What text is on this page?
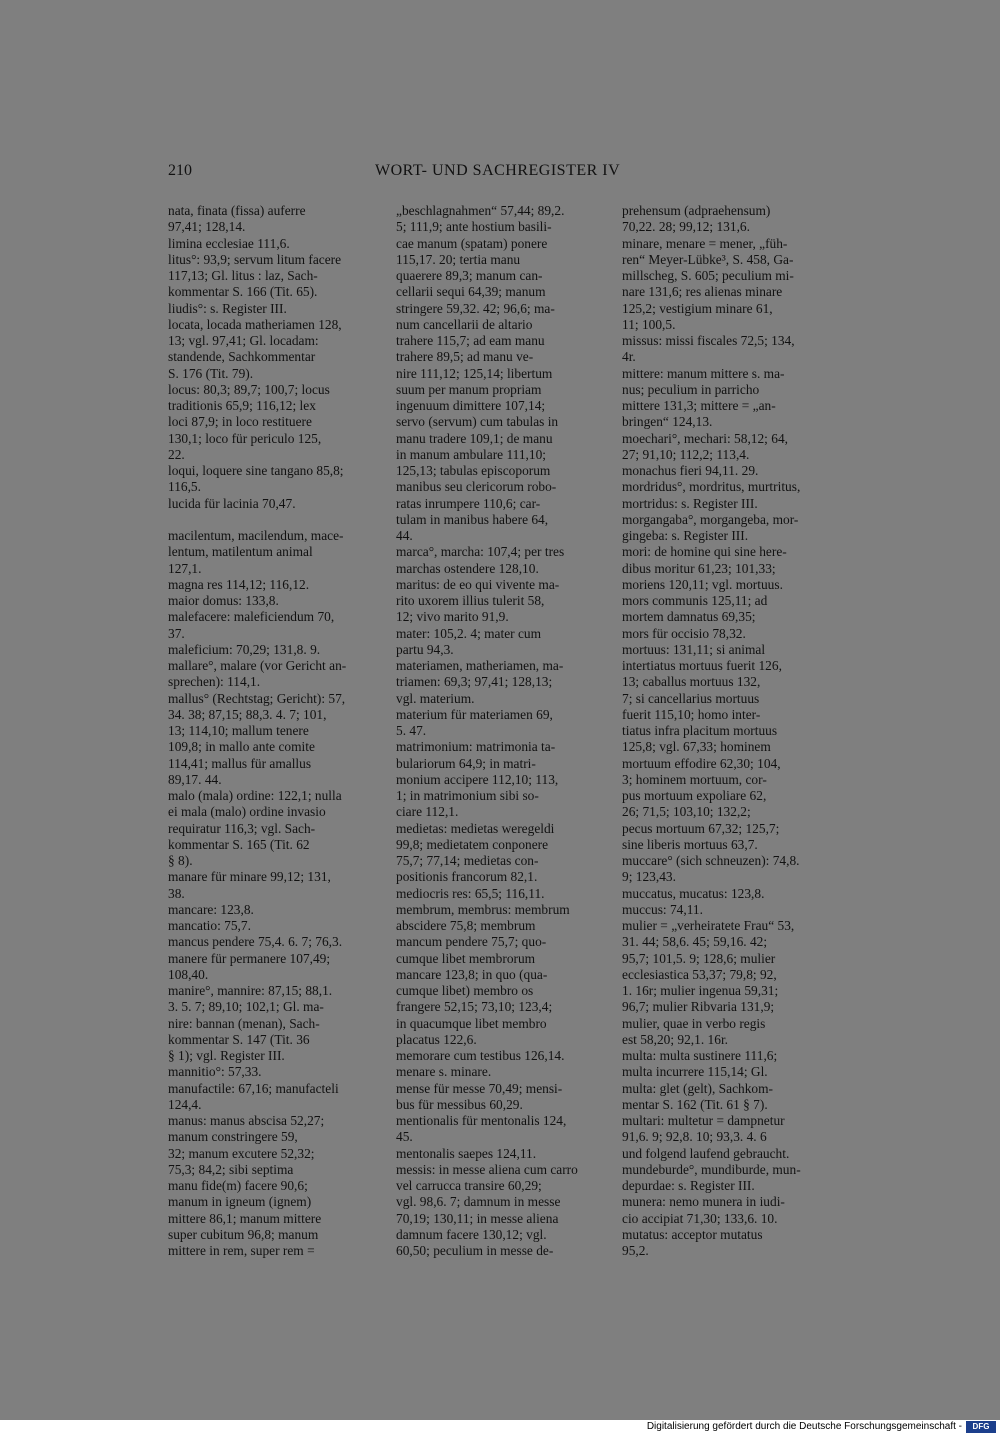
210	WORT- UND SACHREGISTER IV
nata, finata (fissa) auferre
97,41; 128,14.
limina ecclesiae 111,6.
litus°: 93,9; servum litum facere
117,13; Gl. litus : laz, Sach-
kommentar S. 166 (Tit. 65).
liudis°: s. Register III.
locata, locada matheriamen 128,
13; vgl. 97,41; Gl. locadam:
standende, Sachkommentar
S. 176 (Tit. 79).
locus: 80,3; 89,7; 100,7; locus
traditionis 65,9; 116,12; lex
loci 87,9; in loco restituere
130,1; loco für periculo 125,
22.
loqui, loquere sine tangano 85,8;
116,5.
lucida für lacinia 70,47.
macilentum, macilendum, mace-
lentum, matilentum animal
127,1.
magna res 114,12; 116,12.
maior domus: 133,8.
malefacere: maleficiendum 70,
37.
maleficium: 70,29; 131,8. 9.
mallare°, malare (vor Gericht an-
sprechen): 114,1.
mallus° (Rechtstag; Gericht): 57,
34. 38; 87,15; 88,3. 4. 7; 101,
13; 114,10; mallum tenere
109,8; in mallo ante comite
114,41; mallus für amallus
89,17. 44.
malo (mala) ordine: 122,1; nulla
ei mala (malo) ordine invasio
requiratur 116,3; vgl. Sach-
kommentar S. 165 (Tit. 62
§ 8).
manare für minare 99,12; 131,
38.
mancare: 123,8.
mancatio: 75,7.
mancus pendere 75,4. 6. 7; 76,3.
manere für permanere 107,49;
108,40.
manire°, mannire: 87,15; 88,1.
3. 5. 7; 89,10; 102,1; Gl. ma-
nire: bannan (menan), Sach-
kommentar S. 147 (Tit. 36
§ 1); vgl. Register III.
mannitio°: 57,33.
manufactile: 67,16; manufacteli
124,4.
manus: manus abscisa 52,27;
manum constringere 59,
32; manum excutere 52,32;
75,3; 84,2; sibi septima
manu fide(m) facere 90,6;
manum in igneum (ignem)
mittere 86,1; manum mittere
super cubitum 96,8; manum
mittere in rem, super rem =
„beschlagnahmen“ 57,44; 89,2.
5; 111,9; ante hostium basili-
cae manum (spatam) ponere
115,17. 20; tertia manu
quaerere 89,3; manum can-
cellarii sequi 64,39; manum
stringere 59,32. 42; 96,6; ma-
num cancellarii de altario
trahere 115,7; ad eam manu
trahere 89,5; ad manu ve-
nire 111,12; 125,14; libertum
suum per manum propriam
ingenuum dimittere 107,14;
servo (servum) cum tabulas in
manu tradere 109,1; de manu
in manum ambulare 111,10;
125,13; tabulas episcoporum
manibus seu clericorum robo-
ratas inrumpere 110,6; car-
tulam in manibus habere 64,
44.
marca°, marcha: 107,4; per tres
marchas ostendere 128,10.
maritus: de eo qui vivente ma-
rito uxorem illius tulerit 58,
12; vivo marito 91,9.
mater: 105,2. 4; mater cum
partu 94,3.
materiamen, matheriamen, ma-
triamen: 69,3; 97,41; 128,13;
vgl. materium.
materium für materiamen 69,
5. 47.
matrimonium: matrimonia ta-
bulariorum 64,9; in matri-
monium accipere 112,10; 113,
1; in matrimonium sibi so-
ciare 112,1.
medietas: medietas weregeldi
99,8; medietatem conponere
75,7; 77,14; medietas con-
positionis francorum 82,1.
mediocris res: 65,5; 116,11.
membrum, membrus: membrum
abscidere 75,8; membrum
mancum pendere 75,7; quo-
cumque libet membrorum
mancare 123,8; in quo (qua-
cumque libet) membro os
frangere 52,15; 73,10; 123,4;
in quacumque libet membro
placatus 122,6.
memorare cum testibus 126,14.
menare s. minare.
mense für messe 70,49; mensi-
bus für messibus 60,29.
mentionalis für mentonalis 124,
45.
mentonalis saepes 124,11.
messis: in messe aliena cum carro
vel carrucca transire 60,29;
vgl. 98,6. 7; damnum in messe
70,19; 130,11; in messe aliena
damnum facere 130,12; vgl.
60,50; peculium in messe de-
prehensum (adpraehensum)
70,22. 28; 99,12; 131,6.
minare, menare = mener, „füh-
ren“ Meyer-Lübke³, S. 458, Ga-
millscheg, S. 605; peculium mi-
nare 131,6; res alienas minare
125,2; vestigium minare 61,
11; 100,5.
missus: missi fiscales 72,5; 134,
4r.
mittere: manum mittere s. ma-
nus; peculium in parricho
mittere 131,3; mittere = „an-
bringen“ 124,13.
moechari°, mechari: 58,12; 64,
27; 91,10; 112,2; 113,4.
monachus fieri 94,11. 29.
mordridus°, mordritus, murtritus,
mortridus: s. Register III.
morgangaba°, morgangeba, mor-
gingeba: s. Register III.
mori: de homine qui sine here-
dibus moritur 61,23; 101,33;
moriens 120,11; vgl. mortuus.
mors communis 125,11; ad
mortem damnatus 69,35;
mors für occisio 78,32.
mortuus: 131,11; si animal
intertiatus mortuus fuerit 126,
13; caballus mortuus 132,
7; si cancellarius mortuus
fuerit 115,10; homo inter-
tiatus infra placitum mortuus
125,8; vgl. 67,33; hominem
mortuum effodire 62,30; 104,
3; hominem mortuum, cor-
pus mortuum expoliare 62,
26; 71,5; 103,10; 132,2;
pecus mortuum 67,32; 125,7;
sine liberis mortuus 63,7.
muccare° (sich schneuzen): 74,8.
9; 123,43.
muccatus, mucatus: 123,8.
muccus: 74,11.
mulier = „verheiratete Frau“ 53,
31. 44; 58,6. 45; 59,16. 42;
95,7; 101,5. 9; 128,6; mulier
ecclesiastica 53,37; 79,8; 92,
1. 16r; mulier ingenua 59,31;
96,7; mulier Ribvaria 131,9;
mulier, quae in verbo regis
est 58,20; 92,1. 16r.
multa: multa sustinere 111,6;
multa incurrere 115,14; Gl.
multa: glet (gelt), Sachkom-
mentar S. 162 (Tit. 61 § 7).
multari: multetur = dampnetur
91,6. 9; 92,8. 10; 93,3. 4. 6
und folgend laufend gebraucht.
mundeburde°, mundiburde, mun-
depurdae: s. Register III.
munera: nemo munera in iudi-
cio accipiat 71,30; 133,6. 10.
mutatus: acceptor mutatus
95,2.
Digitalisierung gefördert durch die Deutsche Forschungsgemeinschaft -	DFG
